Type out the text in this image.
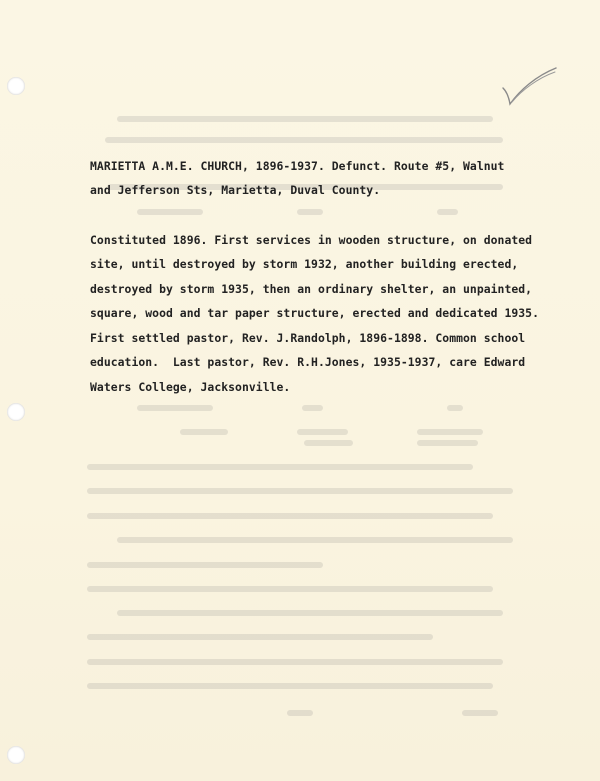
MARIETTA A.M.E. CHURCH, 1896-1937. Defunct. Route #5, Walnut
and Jefferson Sts, Marietta, Duval County.
Constituted 1896. First services in wooden structure, on donated
site, until destroyed by storm 1932, another building erected,
destroyed by storm 1935, then an ordinary shelter, an unpainted,
square, wood and tar paper structure, erected and dedicated 1935.
First settled pastor, Rev. J.Randolph, 1896-1898. Common school
education.  Last pastor, Rev. R.H.Jones, 1935-1937, care Edward
Waters College, Jacksonville.
